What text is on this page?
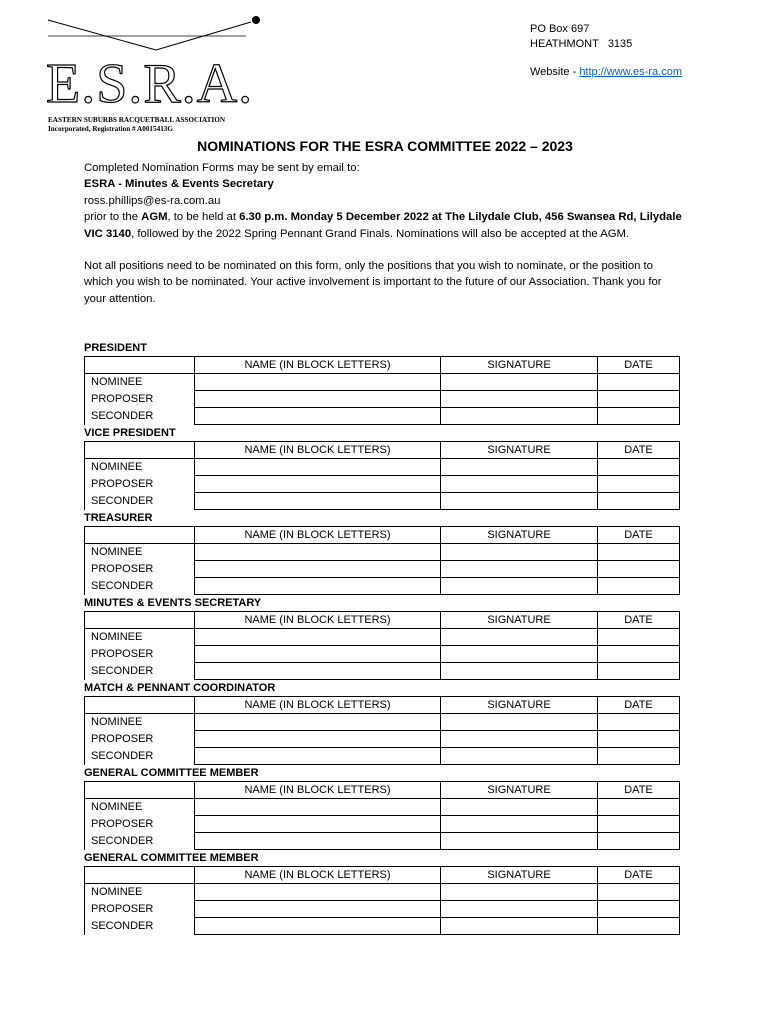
E.S.R.A.
EASTERN SUBURBS RACQUETBALL ASSOCIATION
Incorporated, Registration # A0015413G
PO Box 697
HEATHMONT   3135
Website - http://www.es-ra.com
NOMINATIONS FOR THE ESRA COMMITTEE 2022 – 2023

Completed Nomination Forms may be sent by email to:

ESRA - Minutes & Events Secretary

ross.phillips@es-ra.com.au

prior to the AGM, to be held at 6.30 p.m. Monday 5 December 2022 at The Lilydale Club, 456 Swansea Rd, Lilydale VIC 3140, followed by the 2022 Spring Pennant Grand Finals. Nominations will also be accepted at the AGM.

Not all positions need to be nominated on this form, only the positions that you wish to nominate, or the position to which you wish to be nominated. Your active involvement is important to the future of our Association. Thank you for your attention.

PRESIDENT
	NAME (IN BLOCK LETTERS)	SIGNATURE	DATE
NOMINEE			
PROPOSER			
SECONDER			
VICE PRESIDENT
	NAME (IN BLOCK LETTERS)	SIGNATURE	DATE
NOMINEE			
PROPOSER			
SECONDER			
TREASURER
	NAME (IN BLOCK LETTERS)	SIGNATURE	DATE
NOMINEE			
PROPOSER			
SECONDER			
MINUTES & EVENTS SECRETARY
	NAME (IN BLOCK LETTERS)	SIGNATURE	DATE
NOMINEE			
PROPOSER			
SECONDER			
MATCH & PENNANT COORDINATOR
	NAME (IN BLOCK LETTERS)	SIGNATURE	DATE
NOMINEE			
PROPOSER			
SECONDER			
GENERAL COMMITTEE MEMBER
	NAME (IN BLOCK LETTERS)	SIGNATURE	DATE
NOMINEE			
PROPOSER			
SECONDER			
GENERAL COMMITTEE MEMBER
	NAME (IN BLOCK LETTERS)	SIGNATURE	DATE
NOMINEE			
PROPOSER			
SECONDER			
